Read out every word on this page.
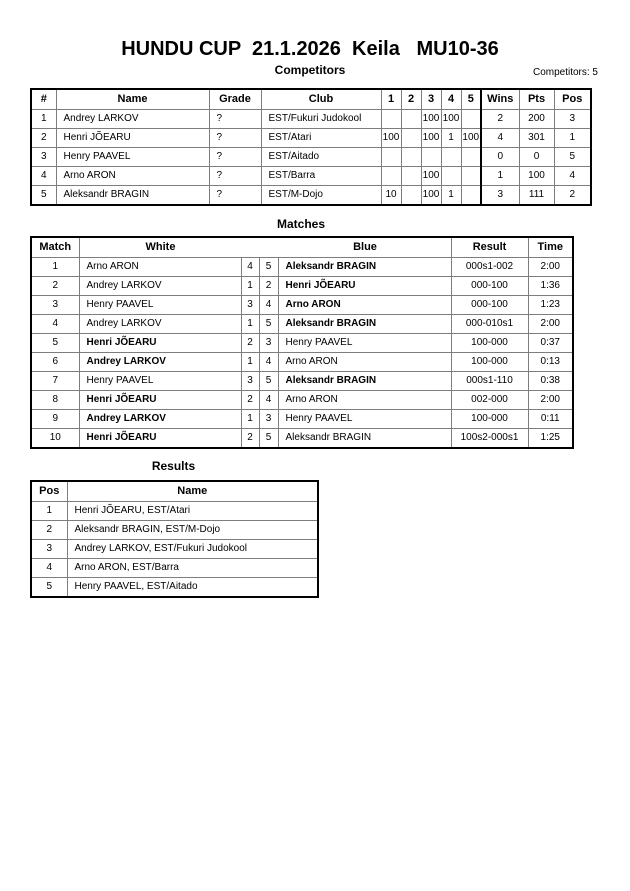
HUNDU CUP  21.1.2026  Keila   MU10-36
Competitors	Competitors: 5
#	Name	Grade	Club	1	2	3	4	5	Wins	Pts	Pos
1	Andrey LARKOV	?	EST/Fukuri Judokool			100	100		2	200	3
2	Henri JÕEARU	?	EST/Atari	100		100	1	100	4	301	1
3	Henry PAAVEL	?	EST/Aitado						0	0	5
4	Arno ARON	?	EST/Barra			100			1	100	4
5	Aleksandr BRAGIN	?	EST/M-Dojo	10		100	1		3	111	2
Matches
Match	White Blue				Result	Time
1	Arno ARON	4	5	Aleksandr BRAGIN	000s1-002	2:00
2	Andrey LARKOV	1	2	Henri JÕEARU	000-100	1:36
3	Henry PAAVEL	3	4	Arno ARON	000-100	1:23
4	Andrey LARKOV	1	5	Aleksandr BRAGIN	000-010s1	2:00
5	Henri JÕEARU	2	3	Henry PAAVEL	100-000	0:37
6	Andrey LARKOV	1	4	Arno ARON	100-000	0:13
7	Henry PAAVEL	3	5	Aleksandr BRAGIN	000s1-110	0:38
8	Henri JÕEARU	2	4	Arno ARON	002-000	2:00
9	Andrey LARKOV	1	3	Henry PAAVEL	100-000	0:11
10	Henri JÕEARU	2	5	Aleksandr BRAGIN	100s2-000s1	1:25
Results
Pos	Name
1	Henri JÕEARU, EST/Atari
2	Aleksandr BRAGIN, EST/M-Dojo
3	Andrey LARKOV, EST/Fukuri Judokool
4	Arno ARON, EST/Barra
5	Henry PAAVEL, EST/Aitado
